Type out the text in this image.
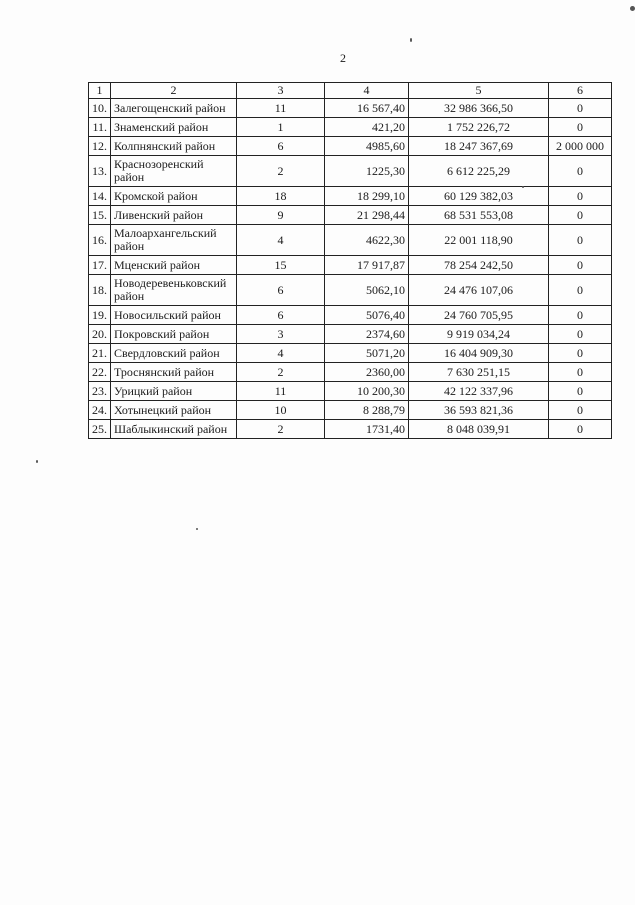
2
1	2	3	4	5	6
10.	Залегощенский район	11	16 567,40	32 986 366,50	0
11.	Знаменский район	1	421,20	1 752 226,72	0
12.	Колпнянский район	6	4985,60	18 247 367,69	2 000 000
13.	Краснозоренский район	2	1225,30	6 612 225,29	0
14.	Кромской район	18	18 299,10	60 129 382,03	0
15.	Ливенский район	9	21 298,44	68 531 553,08	0
16.	Малоархангельский район	4	4622,30	22 001 118,90	0
17.	Мценский район	15	17 917,87	78 254 242,50	0
18.	Новодеревеньковский район	6	5062,10	24 476 107,06	0
19.	Новосильский район	6	5076,40	24 760 705,95	0
20.	Покровский район	3	2374,60	9 919 034,24	0
21.	Свердловский район	4	5071,20	16 404 909,30	0
22.	Троснянский район	2	2360,00	7 630 251,15	0
23.	Урицкий район	11	10 200,30	42 122 337,96	0
24.	Хотынецкий район	10	8 288,79	36 593 821,36	0
25.	Шаблыкинский район	2	1731,40	8 048 039,91	0
